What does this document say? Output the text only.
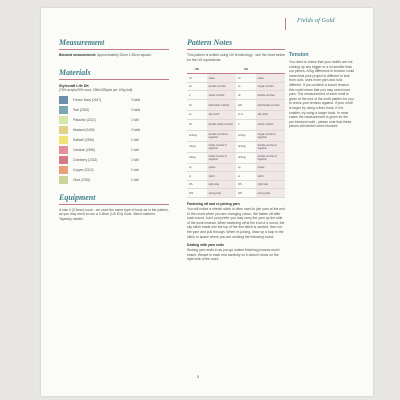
Fields of Gold
Measurement

Blocked measurement: Approximately 25cm x 28cm square.

Materials
Stylecraft Life DK
(75% acrylic/25% wool, 298m/326yds per 100g ball)
French Navy (2447)	2 balls
Teal (2305)	2 balls
Pistachio (2311)	1 ball
Mustard (2406)	2 balls
Daffodil (2396)	1 ball
Cardinal (2396)	1 ball
Cranberry (2313)	1 ball
Copper (2312)	1 ball
Olive (2392)	1 ball
Equipment

A size 4 (3.5mm) hook - we used the same type of hook as in the pattern, as you may need to use a 3.5mm (US E/4) hook. Stitch markers. Tapestry needle.

Pattern Notes

This pattern is written using UK terminology - see the chart below for the US equivalents.

UK		US	
ch	chain	ch	chain
dc	double crochet	sc	single crochet
tr	treble crochet	dc	double crochet
htr	half treble crochet	hdc	half double crochet
ss	slip stitch	sl st	slip stitch
dtr	double treble crochet	tr	treble crochet
dc2tog	double crochet 2 together	sc2tog	single crochet 2 together
tr2tog	treble crochet 2 together	dc2tog	double crochet 2 together
tr3tog	treble crochet 3 together	dc3tog	double crochet 3 together
sp	space	sp	space
st	stitch	st	stitch
RS	right side	RS	right side
WS	wrong side	WS	wrong side
Fastening off and re-joining yarn

You will notice a stretch stitch is often used to join yarn at the end of the round when you are changing colour. We fasten off after each round, but if you prefer you may carry the yarn up the side of the work instead. When fastening off at the end of a round, the slip stitch made into the top of the first stitch is worked, then cut the yarn and pull through. When re-joining, draw up a loop in the stitch or space where you are working the following round.

Dealing with yarn ends

Sewing yarn ends in as you go makes finishing process much easier. Weave in each end carefully so it doesn't show on the right side of the work.

Tension

You need to check that your motifs are not coming up any bigger or a lot smaller than our pieces. A big difference in tension could mean that your project is different in size from ours, uses more yarn and look different. If you achieve a looser tension this could mean that you may need more yarn. The measurement of each motif is given at the end of the motif pattern for you to check your tension against. If your motif is larger try using a finer hook, if it is smaller, try using a larger hook. In most cases the measurement is given for the pre-blocked motif - please note that these pieces will stretch when blocked.

5
